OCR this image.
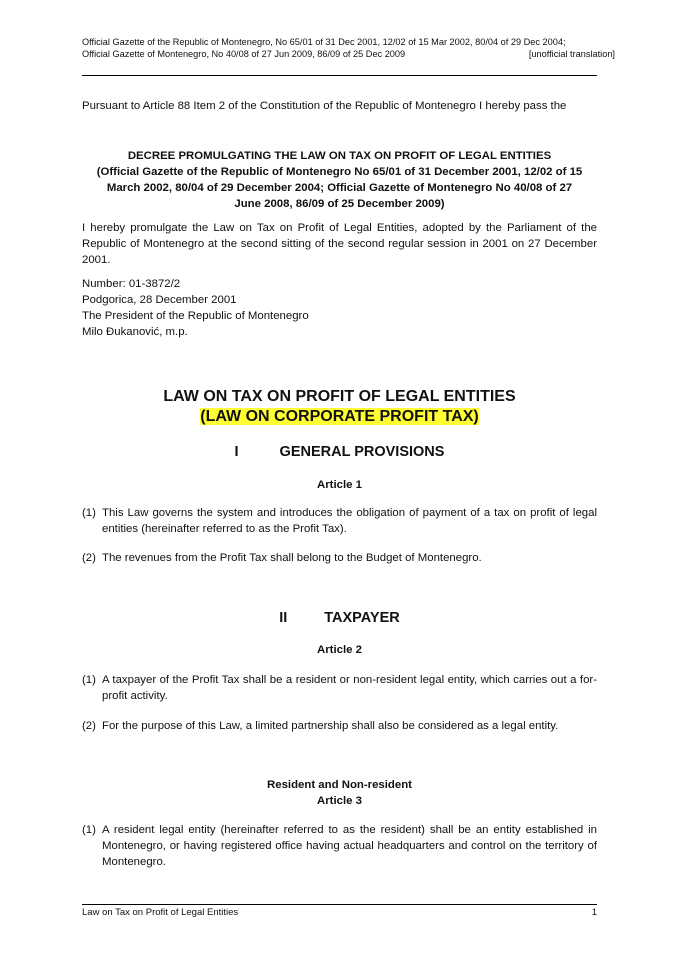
Official Gazette of the Republic of Montenegro, No 65/01 of 31 Dec 2001, 12/02 of 15 Mar 2002, 80/04 of 29 Dec 2004;
Official Gazette of Montenegro, No 40/08 of 27 Jun 2009, 86/09 of 25 Dec 2009	[unofficial translation]
Pursuant to Article 88 Item 2 of the Constitution of the Republic of Montenegro I hereby pass the
DECREE PROMULGATING THE LAW ON TAX ON PROFIT OF LEGAL ENTITIES
(Official Gazette of the Republic of Montenegro No 65/01 of 31 December 2001, 12/02 of 15 March 2002, 80/04 of 29 December 2004; Official Gazette of Montenegro No 40/08 of 27 June 2008, 86/09 of 25 December 2009)
I hereby promulgate the Law on Tax on Profit of Legal Entities, adopted by the Parliament of the Republic of Montenegro at the second sitting of the second regular session in 2001 on 27 December 2001.
Number: 01-3872/2
Podgorica, 28 December 2001
The President of the Republic of Montenegro
Milo Đukanović, m.p.
LAW ON TAX ON PROFIT OF LEGAL ENTITIES
(LAW ON CORPORATE PROFIT TAX)
I	GENERAL PROVISIONS
Article 1
(1) This Law governs the system and introduces the obligation of payment of a tax on profit of legal entities (hereinafter referred to as the Profit Tax).
(2) The revenues from the Profit Tax shall belong to the Budget of Montenegro.
II	TAXPAYER
Article 2
(1) A taxpayer of the Profit Tax shall be a resident or non-resident legal entity, which carries out a for-profit activity.
(2) For the purpose of this Law, a limited partnership shall also be considered as a legal entity.
Resident and Non-resident
Article 3
(1) A resident legal entity (hereinafter referred to as the resident) shall be an entity established in Montenegro, or having registered office having actual headquarters and control on the territory of Montenegro.
Law on Tax on Profit of Legal Entities	1
